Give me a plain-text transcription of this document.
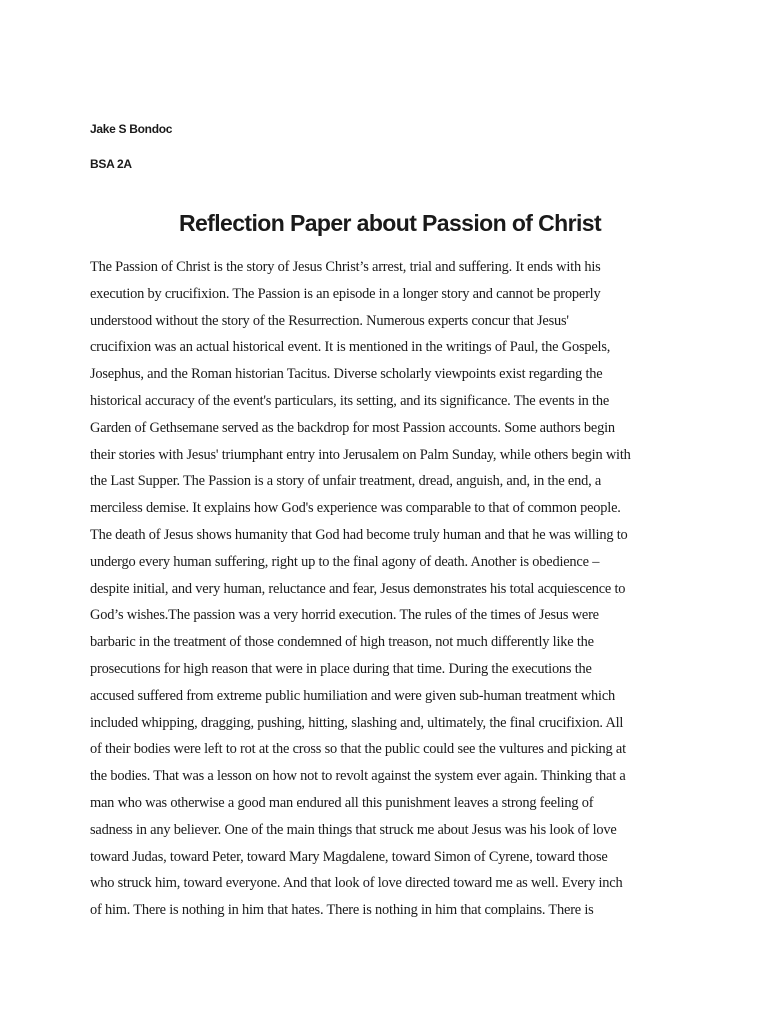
Jake S Bondoc
BSA 2A
Reflection Paper about Passion of Christ
The Passion of Christ is the story of Jesus Christ’s arrest, trial and suffering. It ends with his
execution by crucifixion. The Passion is an episode in a longer story and cannot be properly
understood without the story of the Resurrection. Numerous experts concur that Jesus'
crucifixion was an actual historical event. It is mentioned in the writings of Paul, the Gospels,
Josephus, and the Roman historian Tacitus. Diverse scholarly viewpoints exist regarding the
historical accuracy of the event's particulars, its setting, and its significance. The events in the
Garden of Gethsemane served as the backdrop for most Passion accounts. Some authors begin
their stories with Jesus' triumphant entry into Jerusalem on Palm Sunday, while others begin with
the Last Supper. The Passion is a story of unfair treatment, dread, anguish, and, in the end, a
merciless demise. It explains how God's experience was comparable to that of common people.
The death of Jesus shows humanity that God had become truly human and that he was willing to
undergo every human suffering, right up to the final agony of death. Another is obedience –
despite initial, and very human, reluctance and fear, Jesus demonstrates his total acquiescence to
God’s wishes.The passion was a very horrid execution. The rules of the times of Jesus were
barbaric in the treatment of those condemned of high treason, not much differently like the
prosecutions for high reason that were in place during that time. During the executions the
accused suffered from extreme public humiliation and were given sub-human treatment which
included whipping, dragging, pushing, hitting, slashing and, ultimately, the final crucifixion. All
of their bodies were left to rot at the cross so that the public could see the vultures and picking at
the bodies. That was a lesson on how not to revolt against the system ever again. Thinking that a
man who was otherwise a good man endured all this punishment leaves a strong feeling of
sadness in any believer. One of the main things that struck me about Jesus was his look of love
toward Judas, toward Peter, toward Mary Magdalene, toward Simon of Cyrene, toward those
who struck him, toward everyone. And that look of love directed toward me as well. Every inch
of him. There is nothing in him that hates. There is nothing in him that complains. There is
